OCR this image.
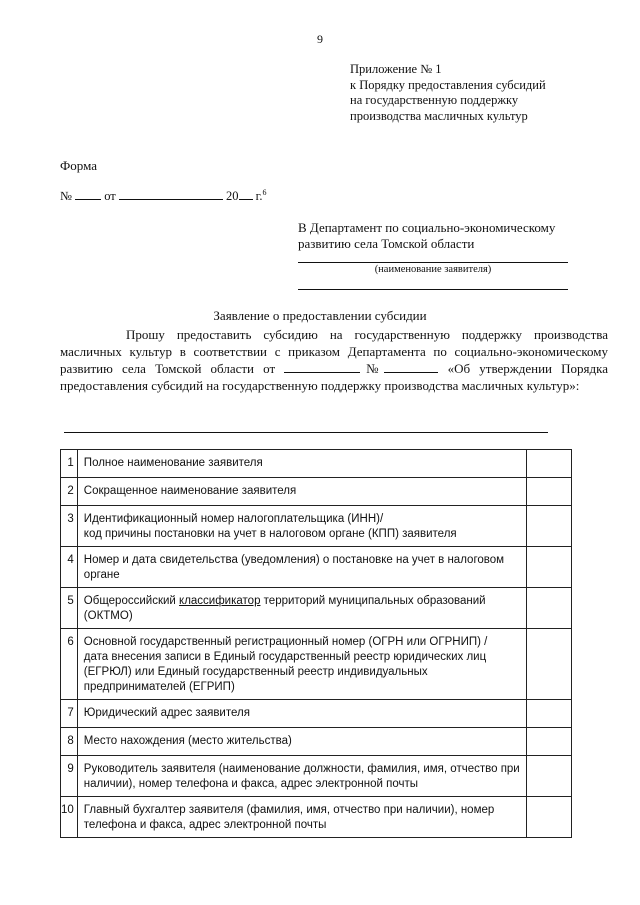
9
Приложение № 1
к Порядку предоставления субсидий
на государственную поддержку
производства масличных культур
Форма
№	от	20 г.$^6$
В Департамент по социально-экономическому
развитию села Томской области
(наименование заявителя)
Заявление о предоставлении субсидии
Прошу предоставить субсидию на государственную поддержку производства масличных культур в соответствии с приказом Департамента по социально-экономическому развитию села Томской области от	№	«Об утверждении Порядка предоставления субсидий на государственную поддержку производства масличных культур»:
1	Полное наименование заявителя	
2	Сокращенное наименование заявителя	
3	Идентификационный номер налогоплательщика (ИНН)/
код причины постановки на учет в налоговом органе (КПП) заявителя	
4	Номер и дата свидетельства (уведомления) о постановке на учет в налоговом органе	
5	Общероссийский классификатор территорий муниципальных образований (ОКТМО)	
6	Основной государственный регистрационный номер (ОГРН или ОГРНИП) /
дата внесения записи в Единый государственный реестр юридических лиц (ЕГРЮЛ) или Единый государственный реестр индивидуальных предпринимателей (ЕГРИП)	
7	Юридический адрес заявителя	
8	Место нахождения (место жительства)	
9	Руководитель заявителя (наименование должности, фамилия, имя, отчество при наличии), номер телефона и факса, адрес электронной почты	
10	Главный бухгалтер заявителя (фамилия, имя, отчество при наличии), номер телефона и факса, адрес электронной почты	
